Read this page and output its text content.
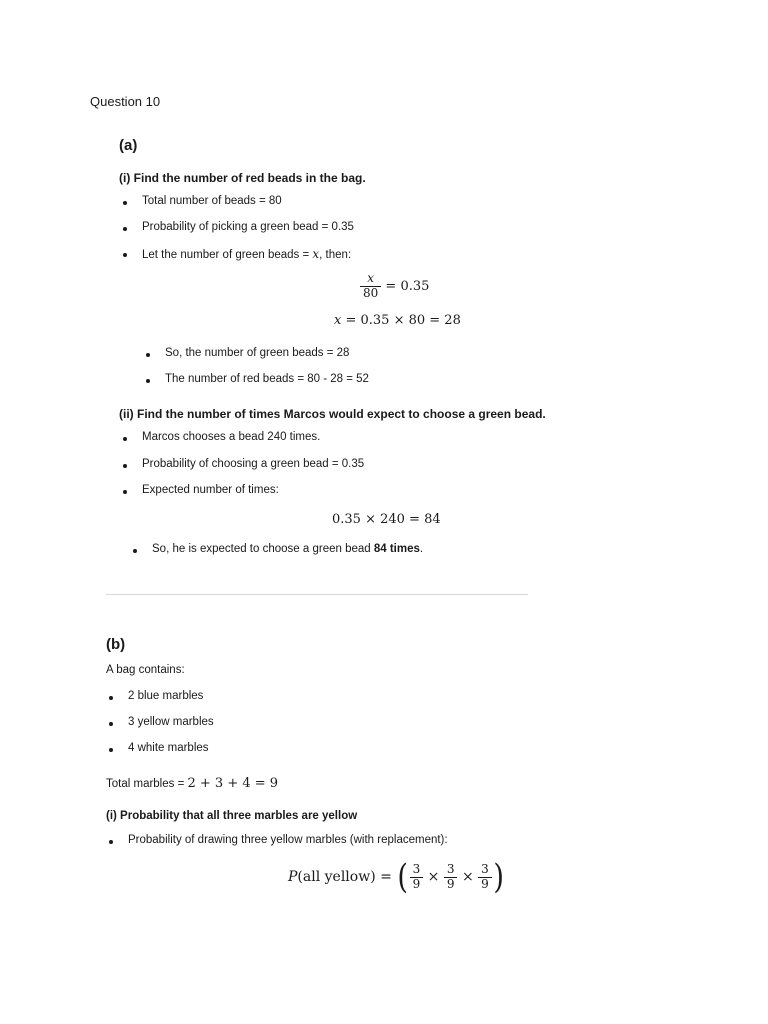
Question 10
(a)
(i) Find the number of red beads in the bag.
Total number of beads = 80
Probability of picking a green bead = 0.35
Let the number of green beads = x, then:
$\frac{x}{80} = 0.35$
x = 0.35 × 80 = 28
So, the number of green beads = 28
The number of red beads = 80 - 28 = 52
(ii) Find the number of times Marcos would expect to choose a green bead.
Marcos chooses a bead 240 times.
Probability of choosing a green bead = 0.35
Expected number of times:
0.35 × 240 = 84
So, he is expected to choose a green bead 84 times.
(b)
A bag contains:
2 blue marbles
3 yellow marbles
4 white marbles
Total marbles = 2 + 3 + 4 = 9
(i) Probability that all three marbles are yellow
Probability of drawing three yellow marbles (with replacement):
P(all yellow) = ( $\frac{3}{9} \times \frac{3}{9} \times \frac{3}{9}$ )
